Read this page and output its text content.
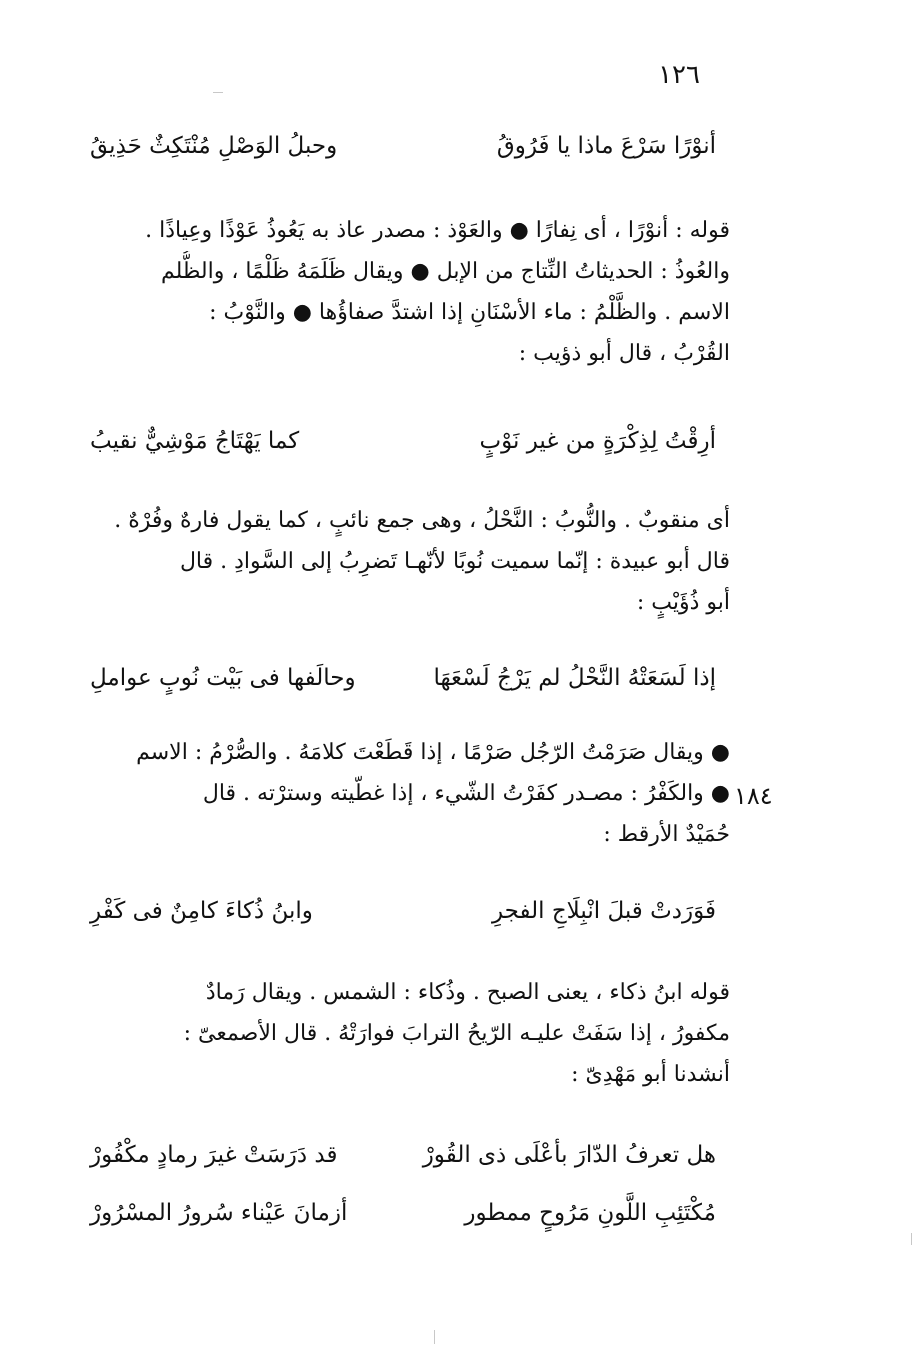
١٢٦
أنوْرًا سَرْعَ ماذا يا فَرُوقُ
وحبلُ الوَصْلِ مُنْتَكِثٌ حَذِيقُ
قوله : أنوْرًا ، أى نِفارًا ● والعَوْذ : مصدر عاذ به يَعُوذُ عَوْذًا وعِياذًا .
والعُوذُ : الحديثاتُ النِّتاج من الإبل ● ويقال ظَلَمَهُ ظَلْمًا ، والظُّلم
الاسم . والظَّلْمُ : ماء الأسْنَانِ إذا اشتدَّ صفاؤُها ● والنَّوْبُ :
القُرْبُ ، قال أبو ذؤيب :
أرِقْتُ لِذِكْرَةٍ من غير نَوْبٍ
كما يَهْتَاجُ مَوْشِيٌّ نقيبُ
أى منقوبٌ . والنُّوبُ : النَّحْلُ ، وهى جمع نائبٍ ، كما يقول فارهٌ وفُرْهٌ .
قال أبو عبيدة : إنّما سميت نُوبًا لأنّهـا تَضرِبُ إلى السَّوادِ . قال
أبو ذُؤَيْبٍ :
إذا لَسَعَتْهُ النَّحْلُ لم يَرْجُ لَسْعَهَا
وحالَفها فى بَيْت نُوبٍ عواملِ
● ويقال صَرَمْتُ الرّجُل صَرْمًا ، إذا قَطَعْتَ كلامَهُ . والصُّرْمُ : الاسم
● والكَفْرُ : مصـدر كفَرْتُ الشّيء ، إذا غطّيته وسترْته . قال
حُمَيْدٌ الأرقط :
١٨٤
فَوَرَدتْ قبلَ انْبِلَاجِ الفجرِ
وابنُ ذُكاءَ كامِنٌ فى كَفْرِ
قوله ابنُ ذكاء ، يعنى الصبح . وذُكاء : الشمس . ويقال رَمادٌ
مكفورُ ، إذا سَفَتْ عليـه الرّيحُ الترابَ فوارَتْهُ . قال الأصمعىّ :
أنشدنا أبو مَهْدِىّ :
هل تعرفُ الدّارَ بأعْلَى ذى القُورْ
قد دَرَسَتْ غيرَ رمادٍ مكْفُورْ
مُكْتَئِبِ اللَّونِ مَرُوحٍ ممطور
أزمانَ عَيْناء سُرورُ المسْرُورْ
